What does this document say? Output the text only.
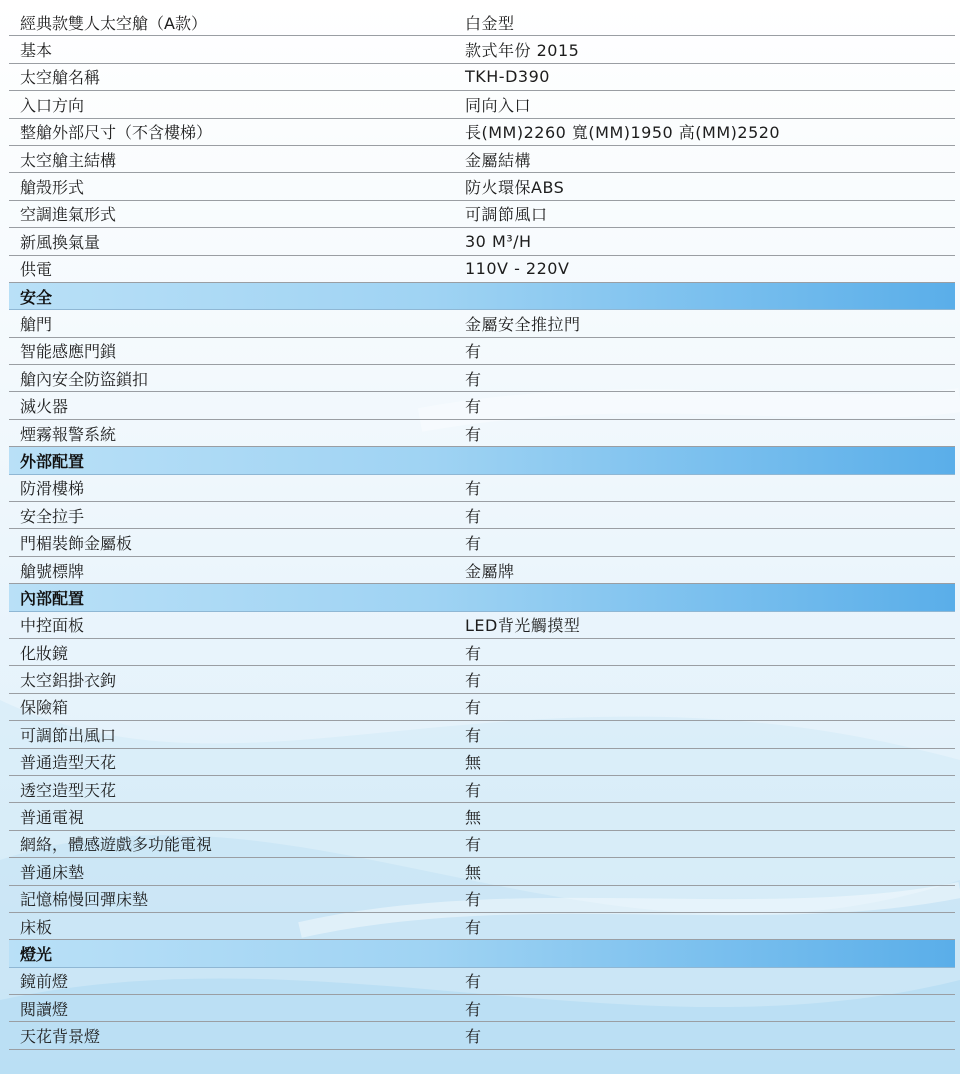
經典款雙人太空艙（A款）	白金型
基本	款式年份 2015
太空艙名稱	TKH-D390
入口方向	同向入口
整艙外部尺寸（不含樓梯）	長(MM)2260 寬(MM)1950 高(MM)2520
太空艙主結構	金屬結構
艙殼形式	防火環保ABS
空調進氣形式	可調節風口
新風換氣量	30 M³/H
供電	110V - 220V
安全
艙門	金屬安全推拉門
智能感應門鎖	有
艙內安全防盜鎖扣	有
滅火器	有
煙霧報警系統	有
外部配置
防滑樓梯	有
安全拉手	有
門楣裝飾金屬板	有
艙號標牌	金屬牌
內部配置
中控面板	LED背光觸摸型
化妝鏡	有
太空鋁掛衣鉤	有
保險箱	有
可調節出風口	有
普通造型天花	無
透空造型天花	有
普通電視	無
網絡，體感遊戲多功能電視	有
普通床墊	無
記憶棉慢回彈床墊	有
床板	有
燈光
鏡前燈	有
閱讀燈	有
天花背景燈	有
